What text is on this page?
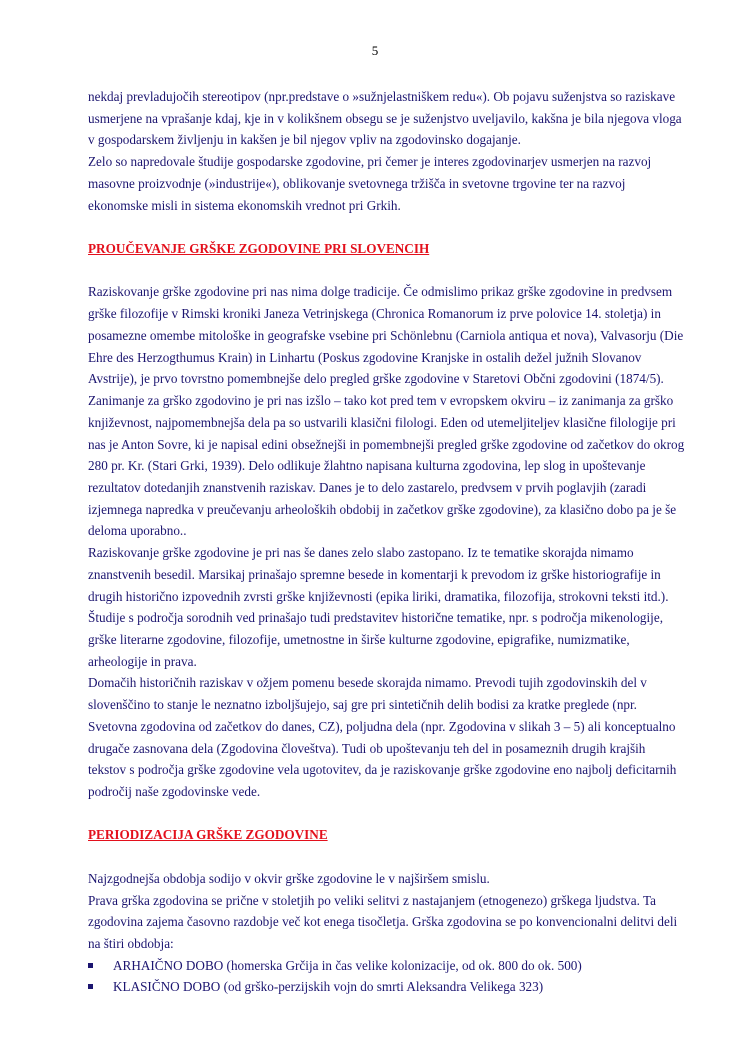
5
nekdaj prevladujočih stereotipov (npr.predstave o »sužnjelastniškem redu«). Ob pojavu suženjstva so raziskave
usmerjene na vprašanje kdaj, kje in v kolikšnem obsegu se je suženjstvo uveljavilo, kakšna je bila njegova vloga
v gospodarskem življenju in kakšen je bil njegov vpliv na zgodovinsko dogajanje.
Zelo so napredovale študije gospodarske zgodovine, pri čemer je interes zgodovinarjev usmerjen na razvoj
masovne proizvodnje (»industrije«), oblikovanje svetovnega tržišča in svetovne trgovine ter na razvoj
ekonomske misli in sistema ekonomskih vrednot pri Grkih.
PROUČEVANJE GRŠKE ZGODOVINE PRI SLOVENCIH
Raziskovanje grške zgodovine pri nas nima dolge tradicije. Če odmislimo prikaz grške zgodovine in predvsem
grške filozofije v Rimski kroniki Janeza Vetrinjskega (Chronica Romanorum iz prve polovice 14. stoletja) in
posamezne omembe mitološke in geografske vsebine pri Schönlebnu (Carniola antiqua et nova), Valvasorju (Die
Ehre des Herzogthumus Krain) in Linhartu (Poskus zgodovine Kranjske in ostalih dežel južnih Slovanov
Avstrije), je prvo tovrstno pomembnejše delo pregled grške zgodovine v Staretovi Občni zgodovini (1874/5).
Zanimanje za grško zgodovino je pri nas izšlo – tako kot pred tem v evropskem okviru – iz zanimanja za grško
književnost, najpomembnejša dela pa so ustvarili klasični filologi. Eden od utemeljiteljev klasične filologije pri
nas je Anton Sovre, ki je napisal edini obsežnejši in pomembnejši pregled grške zgodovine od začetkov do okrog
280 pr. Kr. (Stari Grki, 1939). Delo odlikuje žlahtno napisana kulturna zgodovina, lep slog in upoštevanje
rezultatov dotedanjih znanstvenih raziskav. Danes je to delo zastarelo, predvsem v prvih poglavjih (zaradi
izjemnega napredka v preučevanju arheoloških obdobij in začetkov grške zgodovine), za klasično dobo pa je še
deloma uporabno..
Raziskovanje grške zgodovine je pri nas še danes zelo slabo zastopano. Iz te tematike skorajda nimamo
znanstvenih besedil. Marsikaj prinašajo spremne besede in komentarji k prevodom iz grške historiografije in
drugih historično izpovednih zvrsti grške književnosti (epika liriki, dramatika, filozofija, strokovni teksti itd.).
Študije s področja sorodnih ved prinašajo tudi predstavitev historične tematike, npr. s področja mikenologije,
grške literarne zgodovine, filozofije, umetnostne in širše kulturne zgodovine, epigrafike, numizmatike,
arheologije in prava.
Domačih historičnih raziskav v ožjem pomenu besede skorajda nimamo. Prevodi tujih zgodovinskih del v
slovenščino to stanje le neznatno izboljšujejo, saj gre pri sintetičnih delih bodisi za kratke preglede (npr.
Svetovna zgodovina od začetkov do danes, CZ), poljudna dela (npr. Zgodovina v slikah 3 – 5) ali konceptualno
drugače zasnovana dela (Zgodovina človeštva). Tudi ob upoštevanju teh del in posameznih drugih krajših
tekstov s področja grške zgodovine vela ugotovitev, da je raziskovanje grške zgodovine eno najbolj deficitarnih
področij naše zgodovinske vede.
PERIODIZACIJA GRŠKE ZGODOVINE
Najzgodnejša obdobja sodijo v okvir grške zgodovine le v najširšem smislu.
Prava grška zgodovina se prične v stoletjih po veliki selitvi z nastajanjem (etnogenezo) grškega ljudstva. Ta
zgodovina zajema časovno razdobje več kot enega tisočletja. Grška zgodovina se po konvencionalni delitvi deli
na štiri obdobja:
ARHAIČNO DOBO (homerska Grčija in čas velike kolonizacije, od ok. 800 do ok. 500)
KLASIČNO DOBO (od grško-perzijskih vojn do smrti Aleksandra Velikega 323)
